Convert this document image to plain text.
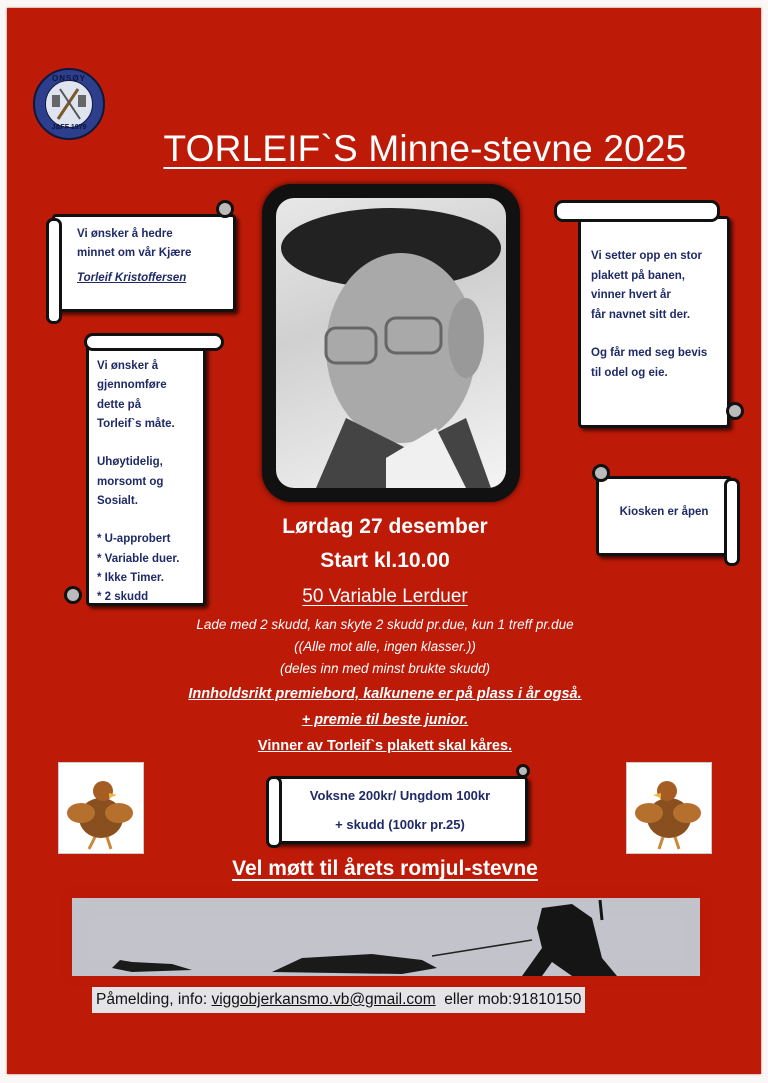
ONSØY
J&FF 1979
TORLEIF`S Minne-stevne 2025

Vi ønsker å hedre

minnet om vår Kjære

Torleif Kristoffersen

Vi ønsker å

gjennomføre

dette på

Torleif`s måte.

Uhøytidelig,

morsomt og

Sosialt.

* U-approbert

* Variable duer.

* Ikke Timer.

* 2 skudd

Vi setter opp en stor

plakett på banen,

vinner hvert år

får navnet sitt der.

Og får med seg bevis

til odel og eie.

Kiosken er åpen

Lørdag 27 desember
Start kl.10.00
50 Variable Lerduer
Lade med 2 skudd, kan skyte 2 skudd pr.due, kun 1 treff pr.due
((Alle mot alle, ingen klasser.))
(deles inn med minst brukte skudd)
Innholdsrikt premiebord, kalkunene er på plass i år også.
+ premie til beste junior.
Vinner av Torleif`s plakett skal kåres.

Voksne 200kr/ Ungdom 100kr

+ skudd (100kr pr.25)

Vel møtt til årets romjul-stevne
Påmelding, info: viggobjerkansmo.vb@gmail.com  eller mob:91810150
